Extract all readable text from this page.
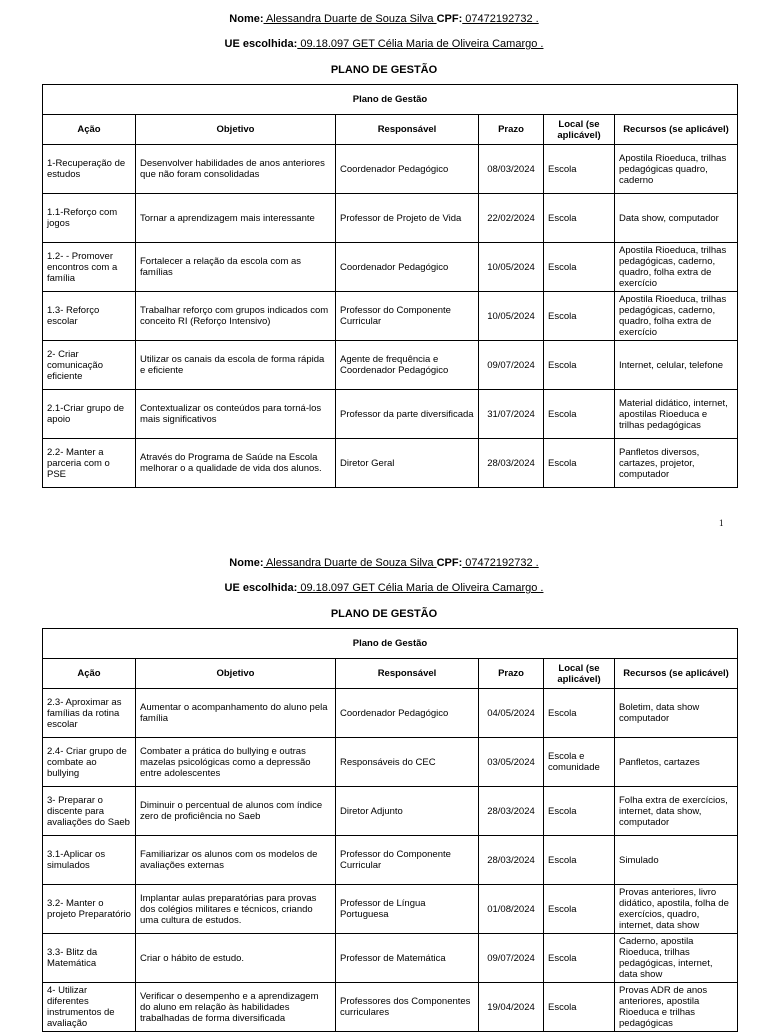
Nome: Alessandra Duarte de Souza Silva CPF: 07472192732 .
UE escolhida: 09.18.097 GET Célia Maria de Oliveira Camargo .
PLANO DE GESTÃO
Plano de Gestão					
Ação	Objetivo	Responsável	Prazo	Local (se aplicável)	Recursos (se aplicável)
1-Recuperação de estudos	Desenvolver habilidades de anos anteriores que não foram consolidadas	Coordenador Pedagógico	08/03/2024	Escola	Apostila Rioeduca, trilhas pedagógicas quadro, caderno
1.1-Reforço com jogos	Tornar a aprendizagem mais interessante	Professor de Projeto de Vida	22/02/2024	Escola	Data show, computador
1.2- - Promover encontros com a família	Fortalecer a relação da escola com as famílias	Coordenador Pedagógico	10/05/2024	Escola	Apostila Rioeduca, trilhas pedagógicas, caderno, quadro, folha extra de exercício
1.3- Reforço escolar	Trabalhar reforço com grupos indicados com conceito RI (Reforço Intensivo)	Professor do Componente Curricular	10/05/2024	Escola	Apostila Rioeduca, trilhas pedagógicas, caderno, quadro, folha extra de exercício
2- Criar comunicação eficiente	Utilizar os canais da escola de forma rápida e eficiente	Agente de frequência e Coordenador Pedagógico	09/07/2024	Escola	Internet, celular, telefone
2.1-Criar grupo de apoio	Contextualizar os conteúdos para torná-los mais significativos	Professor da parte diversificada	31/07/2024	Escola	Material didático, internet, apostilas Rioeduca e trilhas pedagógicas
2.2- Manter a parceria com o PSE	Através do Programa de Saúde na Escola melhorar o a qualidade de vida dos alunos.	Diretor Geral	28/03/2024	Escola	Panfletos diversos, cartazes, projetor, computador
1
Nome: Alessandra Duarte de Souza Silva CPF: 07472192732 .
UE escolhida: 09.18.097 GET Célia Maria de Oliveira Camargo .
PLANO DE GESTÃO
Plano de Gestão					
Ação	Objetivo	Responsável	Prazo	Local (se aplicável)	Recursos (se aplicável)
2.3- Aproximar as famílias da rotina escolar	Aumentar o acompanhamento do aluno pela família	Coordenador Pedagógico	04/05/2024	Escola	Boletim, data show computador
2.4- Criar grupo de combate ao bullying	Combater a prática do bullying e outras mazelas psicológicas como a depressão entre adolescentes	Responsáveis do CEC	03/05/2024	Escola e comunidade	Panfletos, cartazes
3- Preparar o discente para avaliações do Saeb	Diminuir o percentual de alunos com índice zero de proficiência no Saeb	Diretor Adjunto	28/03/2024	Escola	Folha extra de exercícios, internet, data show, computador
3.1-Aplicar os simulados	Familiarizar os alunos com os modelos de avaliações externas	Professor do Componente Curricular	28/03/2024	Escola	Simulado
3.2- Manter o projeto Preparatório	Implantar aulas preparatórias para provas dos colégios militares e técnicos, criando uma cultura de estudos.	Professor de Língua Portuguesa	01/08/2024	Escola	Provas anteriores, livro didático, apostila, folha de exercícios, quadro, internet, data show
3.3- Blitz da Matemática	Criar o hábito de estudo.	Professor de Matemática	09/07/2024	Escola	Caderno, apostila Rioeduca, trilhas pedagógicas, internet, data show
4- Utilizar diferentes instrumentos de avaliação	Verificar o desempenho e a aprendizagem do aluno em relação às habilidades trabalhadas de forma diversificada	Professores dos Componentes curriculares	19/04/2024	Escola	Provas ADR de anos anteriores, apostila Rioeduca e trilhas pedagógicas
